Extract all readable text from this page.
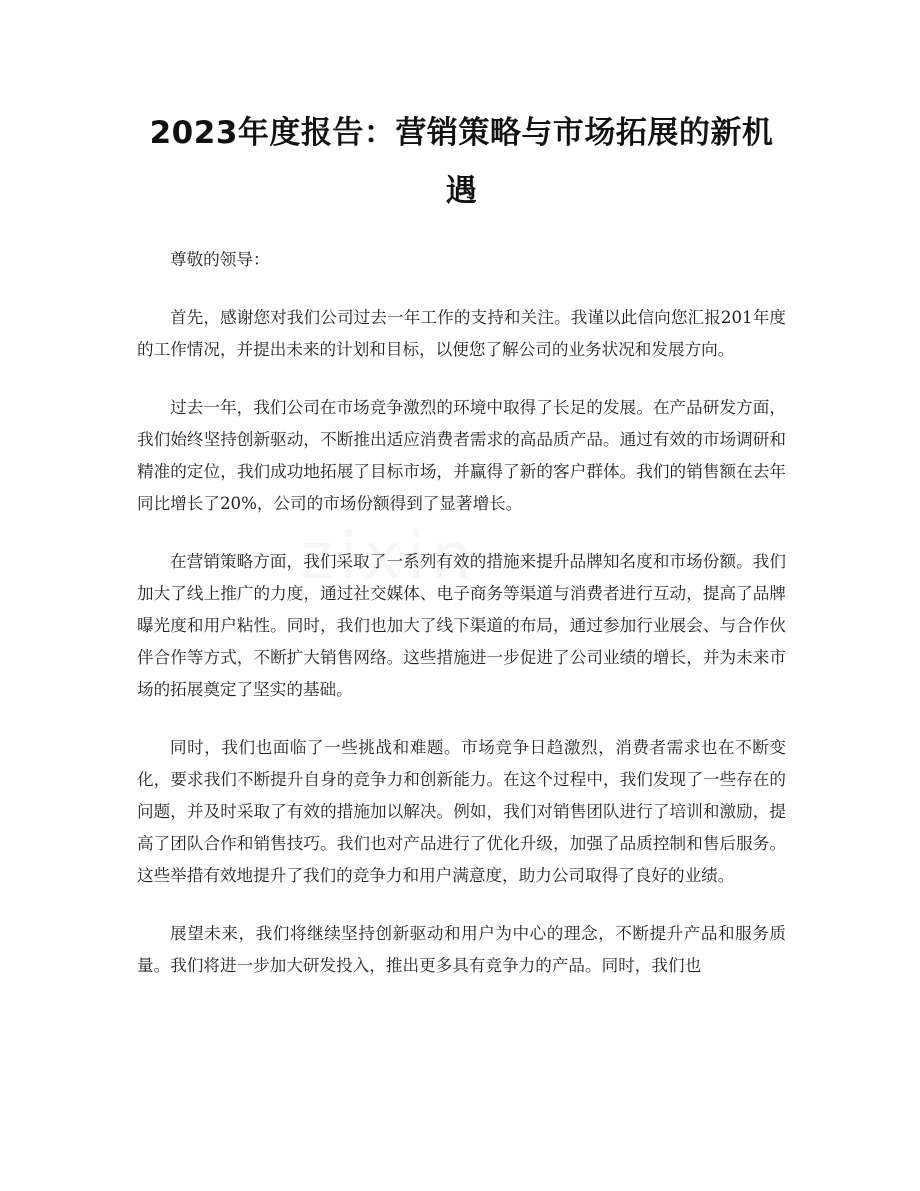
2023年度报告：营销策略与市场拓展的新机遇

尊敬的领导：

首先，感谢您对我们公司过去一年工作的支持和关注。我谨以此信向您汇报201年度的工作情况，并提出未来的计划和目标，以便您了解公司的业务状况和发展方向。

过去一年，我们公司在市场竞争激烈的环境中取得了长足的发展。在产品研发方面，我们始终坚持创新驱动，不断推出适应消费者需求的高品质产品。通过有效的市场调研和精准的定位，我们成功地拓展了目标市场，并赢得了新的客户群体。我们的销售额在去年同比增长了20%，公司的市场份额得到了显著增长。

在营销策略方面，我们采取了一系列有效的措施来提升品牌知名度和市场份额。我们加大了线上推广的力度，通过社交媒体、电子商务等渠道与消费者进行互动，提高了品牌曝光度和用户粘性。同时，我们也加大了线下渠道的布局，通过参加行业展会、与合作伙伴合作等方式，不断扩大销售网络。这些措施进一步促进了公司业绩的增长，并为未来市场的拓展奠定了坚实的基础。

同时，我们也面临了一些挑战和难题。市场竞争日趋激烈，消费者需求也在不断变化，要求我们不断提升自身的竞争力和创新能力。在这个过程中，我们发现了一些存在的问题，并及时采取了有效的措施加以解决。例如，我们对销售团队进行了培训和激励，提高了团队合作和销售技巧。我们也对产品进行了优化升级，加强了品质控制和售后服务。这些举措有效地提升了我们的竞争力和用户满意度，助力公司取得了良好的业绩。

展望未来，我们将继续坚持创新驱动和用户为中心的理念，不断提升产品和服务质量。我们将进一步加大研发投入，推出更多具有竞争力的产品。同时，我们也
